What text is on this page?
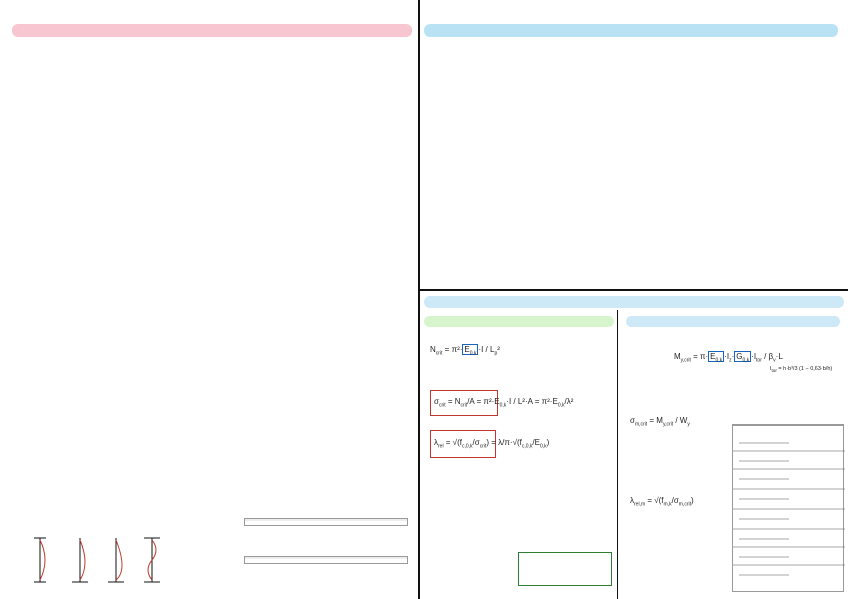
$N_{crit} = \pi^2\cdot E_{0,k} \cdot I / L_p^2$
$\sigma_{crit} = N_{crit}/A = \pi^2\cdot E_{0,k}\cdot I / L^2\cdot A = \pi^2\cdot E_{0,k}/\lambda^2$
$\lambda_{rel} = √(f_{c,0,k}/\sigma_{crit}) = \lambda/\pi\cdot√(f_{c,0,k}/E_{0,k})$
$M_{y,crit} = \pi\cdot E_{0,k} \cdot I_z\cdot G_{0,k} \cdot I_{tor} / \beta_v\cdot L$
$I_{tor} = h\cdot b^3/3$ (1 − 0,63·b/h)
$\sigma_{m,crit} = M_{y,crit} / W_y$
$\lambda_{rel,m} = √(f_{m,k}/\sigma_{m,crit})$
